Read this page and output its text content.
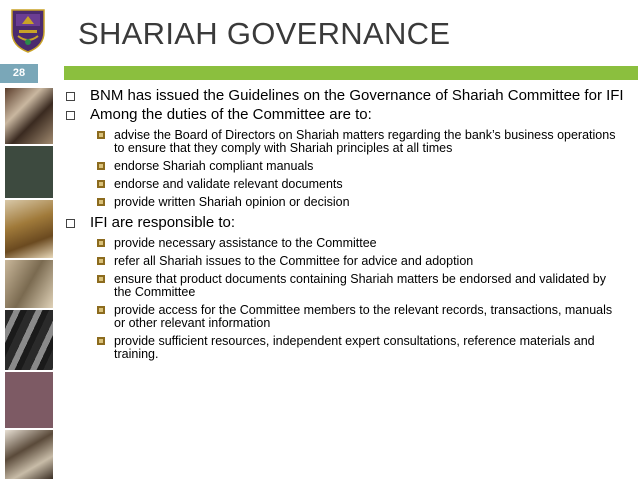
SHARIAH GOVERNANCE
28
BNM has issued the Guidelines on the Governance of Shariah Committee for IFI
Among the duties of the Committee are to:
advise the Board of Directors on Shariah matters regarding the bank’s business operations to ensure that they comply with Shariah principles at all times
endorse Shariah compliant manuals
endorse and validate relevant documents
provide written Shariah opinion or decision
IFI are responsible to:
provide necessary assistance to the Committee
refer all Shariah issues to the Committee for advice and adoption
ensure that product documents containing Shariah matters be endorsed and validated by the Committee
provide access for the Committee members to the relevant records, transactions, manuals or other relevant information
provide sufficient resources, independent expert consultations, reference materials and training.
